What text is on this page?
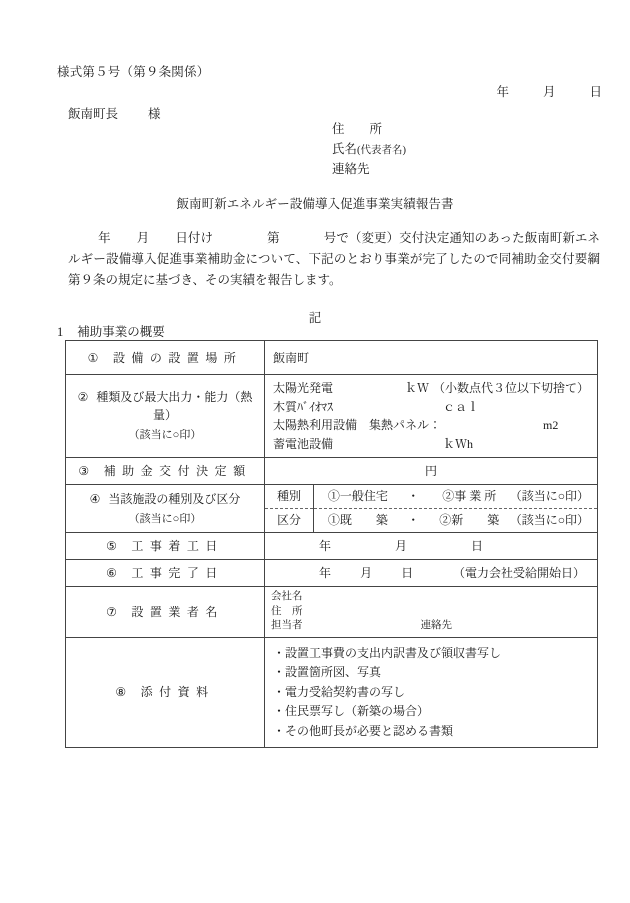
様式第５号（第９条関係）
年	月	日
飯南町長 様
住　　所
氏名(代表者名)
連絡先
飯南町新エネルギー設備導入促進事業実績報告書
年 月 日付け	第	号で（変更）交付決定通知のあった飯南町新エネルギー設備導入促進事業補助金について、下記のとおり事業が完了したので同補助金交付要綱第９条の規定に基づき、その実績を報告します。
記
1 補助事業の概要
① 設備の設置場所	飯南町
② 種類及び最大出力・能力（熱量）
（該当に○印）

太陽光発電	ｋＷ （小数点代３位以下切捨て）
木質ﾊﾞｲｵﾏｽ	ｃａｌ
太陽熱利用設備　集熱パネル：	m2
蓄電池設備	ｋＷh

③ 補助金交付決定額	円
④ 当該施設の種別及び区分
（該当に○印）

種別	①一般住宅	・	②事 業 所	（該当に○印）

区分	①既　　築	・	②新　　築 （該当に○印）

⑤ 工事着工日	年	月	日

⑥ 工事完了日	年	月	日	（電力会社受給開始日）

⑦ 設置業者名	
会社名
住　所
担当者	連絡先

⑧ 添付資料	
・設置工事費の支出内訳書及び領収書写し
・設置箇所図、写真
・電力受給契約書の写し
・住民票写し（新築の場合）
・その他町長が必要と認める書類
